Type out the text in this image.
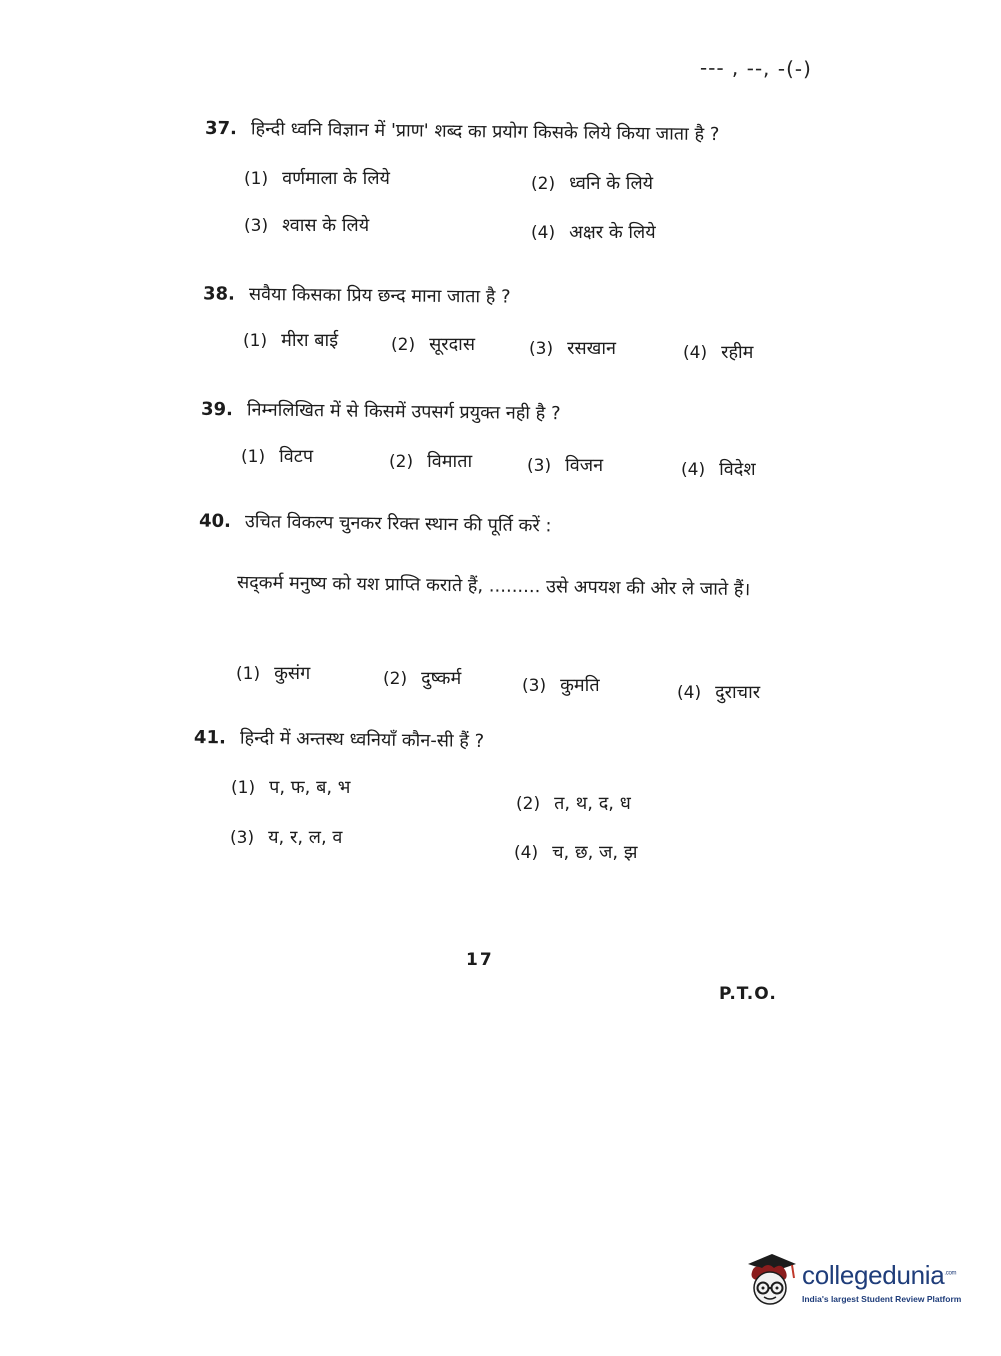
--- , --, -(-)
37. हिन्दी ध्वनि विज्ञान में 'प्राण' शब्द का प्रयोग किसके लिये किया जाता है ?
(1) वर्णमाला के लिये	(2) ध्वनि के लिये
(3) श्वास के लिये	(4) अक्षर के लिये
38. सवैया किसका प्रिय छन्द माना जाता है ?
(1) मीरा बाई	(2) सूरदास	(3) रसखान	(4) रहीम
39. निम्नलिखित में से किसमें उपसर्ग प्रयुक्त नही है ?
(1) विटप	(2) विमाता	(3) विजन	(4) विदेश
40. उचित विकल्प चुनकर रिक्त स्थान की पूर्ति करें :
सद्कर्म मनुष्य को यश प्राप्ति कराते हैं, ......... उसे अपयश की ओर ले जाते हैं।
(1) कुसंग	(2) दुष्कर्म	(3) कुमति	(4) दुराचार
41. हिन्दी में अन्तस्थ ध्वनियाँ कौन-सी हैं ?
(1) प, फ, ब, भ
(2) त, थ, द, ध
(3) य, र, ल, व
(4) च, छ, ज, झ
17
P.T.O.
collegedunia$^{.com}$
India's largest Student Review Platform
